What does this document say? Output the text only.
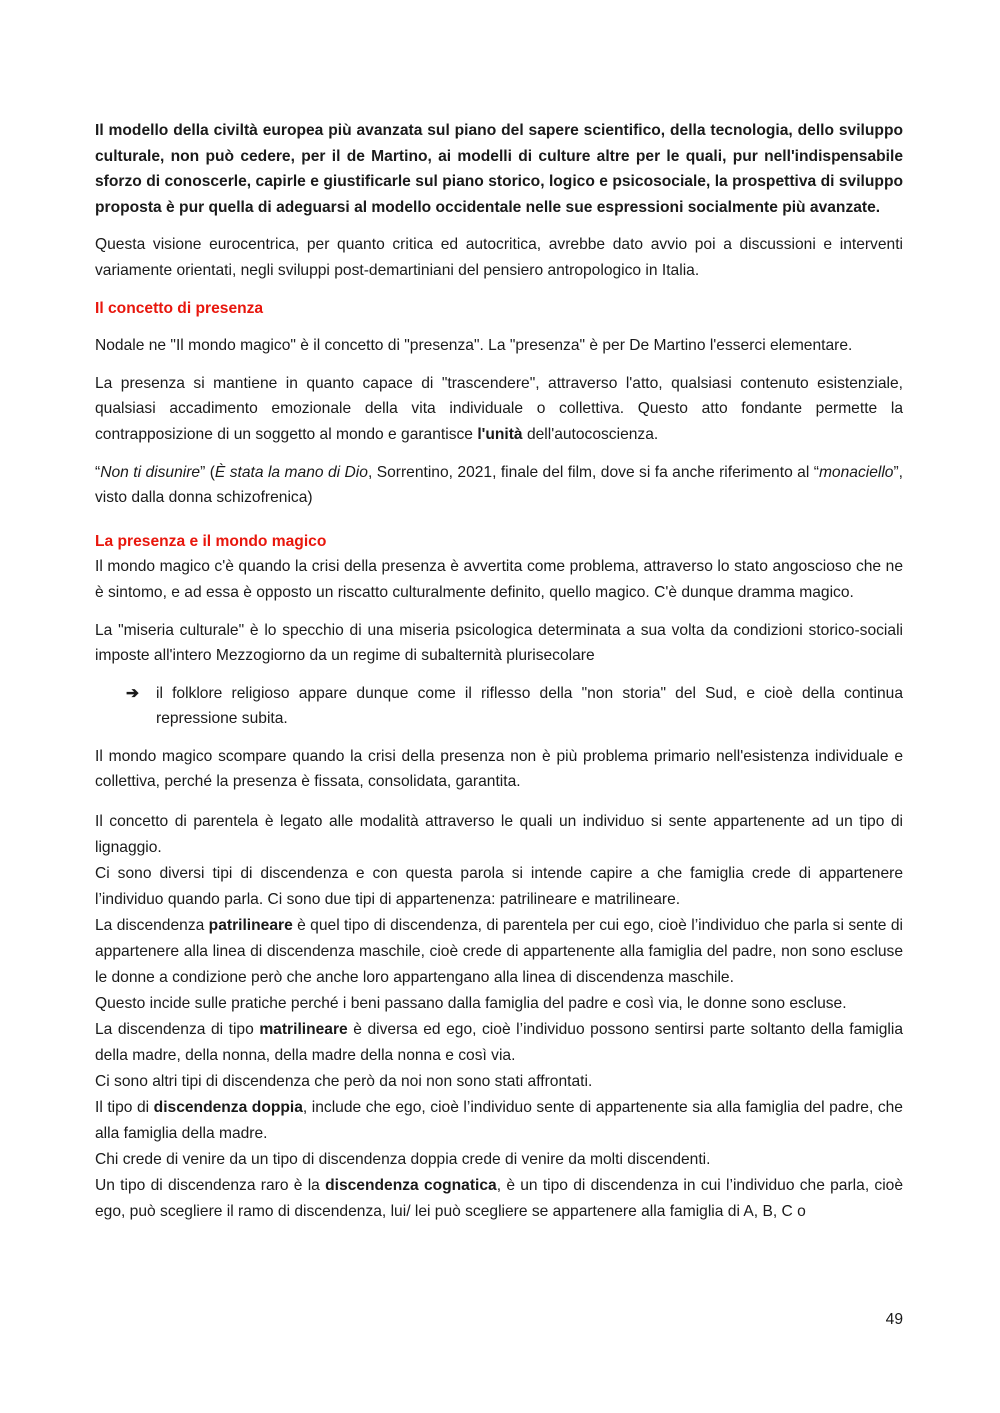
Il modello della civiltà europea più avanzata sul piano del sapere scientifico, della tecnologia, dello sviluppo culturale, non può cedere, per il de Martino, ai modelli di culture altre per le quali, pur nell'indispensabile sforzo di conoscerle, capirle e giustificarle sul piano storico, logico e psicosociale, la prospettiva di sviluppo proposta è pur quella di adeguarsi al modello occidentale nelle sue espressioni socialmente più avanzate.

Questa visione eurocentrica, per quanto critica ed autocritica, avrebbe dato avvio poi a discussioni e interventi variamente orientati, negli sviluppi post-demartiniani del pensiero antropologico in Italia.

Il concetto di presenza

Nodale ne "Il mondo magico" è il concetto di "presenza". La "presenza" è per De Martino l'esserci elementare.

La presenza si mantiene in quanto capace di "trascendere", attraverso l'atto, qualsiasi contenuto esistenziale, qualsiasi accadimento emozionale della vita individuale o collettiva. Questo atto fondante permette la contrapposizione di un soggetto al mondo e garantisce l'unità dell'autocoscienza.

“Non ti disunire” (È stata la mano di Dio, Sorrentino, 2021, finale del film, dove si fa anche riferimento al “monaciello”, visto dalla donna schizofrenica)

La presenza e il mondo magico

Il mondo magico c'è quando la crisi della presenza è avvertita come problema, attraverso lo stato angoscioso che ne è sintomo, e ad essa è opposto un riscatto culturalmente definito, quello magico. C'è dunque dramma magico.

La "miseria culturale" è lo specchio di una miseria psicologica determinata a sua volta da condizioni storico-sociali imposte all'intero Mezzogiorno da un regime di subalternità plurisecolare

➔	il folklore religioso appare dunque come il riflesso della "non storia" del Sud, e cioè della continua repressione subita.

Il mondo magico scompare quando la crisi della presenza non è più problema primario nell'esistenza individuale e collettiva, perché la presenza è fissata, consolidata, garantita.

Il concetto di parentela è legato alle modalità attraverso le quali un individuo si sente appartenente ad un tipo di lignaggio.

Ci sono diversi tipi di discendenza e con questa parola si intende capire a che famiglia crede di appartenere l’individuo quando parla. Ci sono due tipi di appartenenza: patrilineare e matrilineare.

La discendenza patrilineare è quel tipo di discendenza, di parentela per cui ego, cioè l’individuo che parla si sente di appartenere alla linea di discendenza maschile, cioè crede di appartenente alla famiglia del padre, non sono escluse le donne a condizione però che anche loro appartengano alla linea di discendenza maschile.

Questo incide sulle pratiche perché i beni passano dalla famiglia del padre e così via, le donne sono escluse.

La discendenza di tipo matrilineare è diversa ed ego, cioè l’individuo possono sentirsi parte soltanto della famiglia della madre, della nonna, della madre della nonna e così via.

Ci sono altri tipi di discendenza che però da noi non sono stati affrontati.

Il tipo di discendenza doppia, include che ego, cioè l’individuo sente di appartenente sia alla famiglia del padre, che alla famiglia della madre.

Chi crede di venire da un tipo di discendenza doppia crede di venire da molti discendenti.

Un tipo di discendenza raro è la discendenza cognatica, è un tipo di discendenza in cui l’individuo che parla, cioè ego, può scegliere il ramo di discendenza, lui/ lei può scegliere se appartenere alla famiglia di A, B, C o

49
